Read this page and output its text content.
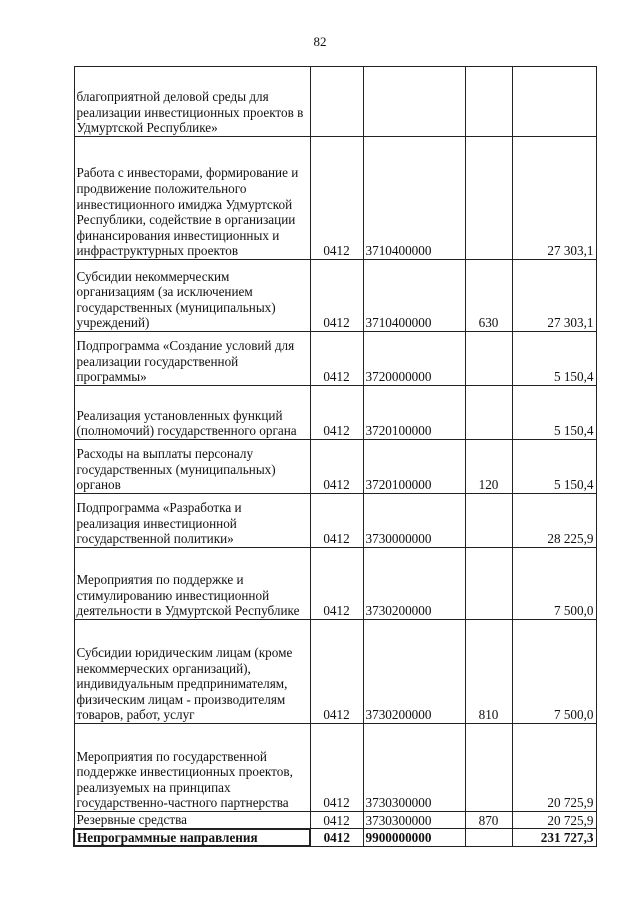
82
благоприятной деловой среды для реализации инвестиционных проектов в Удмуртской Республике»				
Работа с инвесторами, формирование и продвижение положительного инвестиционного имиджа Удмуртской Республики, содействие в организации финансирования инвестиционных и инфраструктурных проектов	0412	3710400000		27 303,1
Субсидии некоммерческим организациям (за исключением государственных (муниципальных) учреждений)	0412	3710400000	630	27 303,1
Подпрограмма «Создание условий для реализации государственной программы»	0412	3720000000		5 150,4
Реализация установленных функций (полномочий) государственного органа	0412	3720100000		5 150,4
Расходы на выплаты персоналу государственных (муниципальных) органов	0412	3720100000	120	5 150,4
Подпрограмма «Разработка и реализация инвестиционной государственной политики»	0412	3730000000		28 225,9
Мероприятия по поддержке и стимулированию инвестиционной деятельности в Удмуртской Республике	0412	3730200000		7 500,0
Субсидии юридическим лицам (кроме некоммерческих организаций), индивидуальным предпринимателям, физическим лицам - производителям товаров, работ, услуг	0412	3730200000	810	7 500,0
Мероприятия по государственной поддержке инвестиционных проектов, реализуемых на принципах государственно-частного партнерства	0412	3730300000		20 725,9
Резервные средства	0412	3730300000	870	20 725,9
Непрограммные направления	0412	9900000000		231 727,3
